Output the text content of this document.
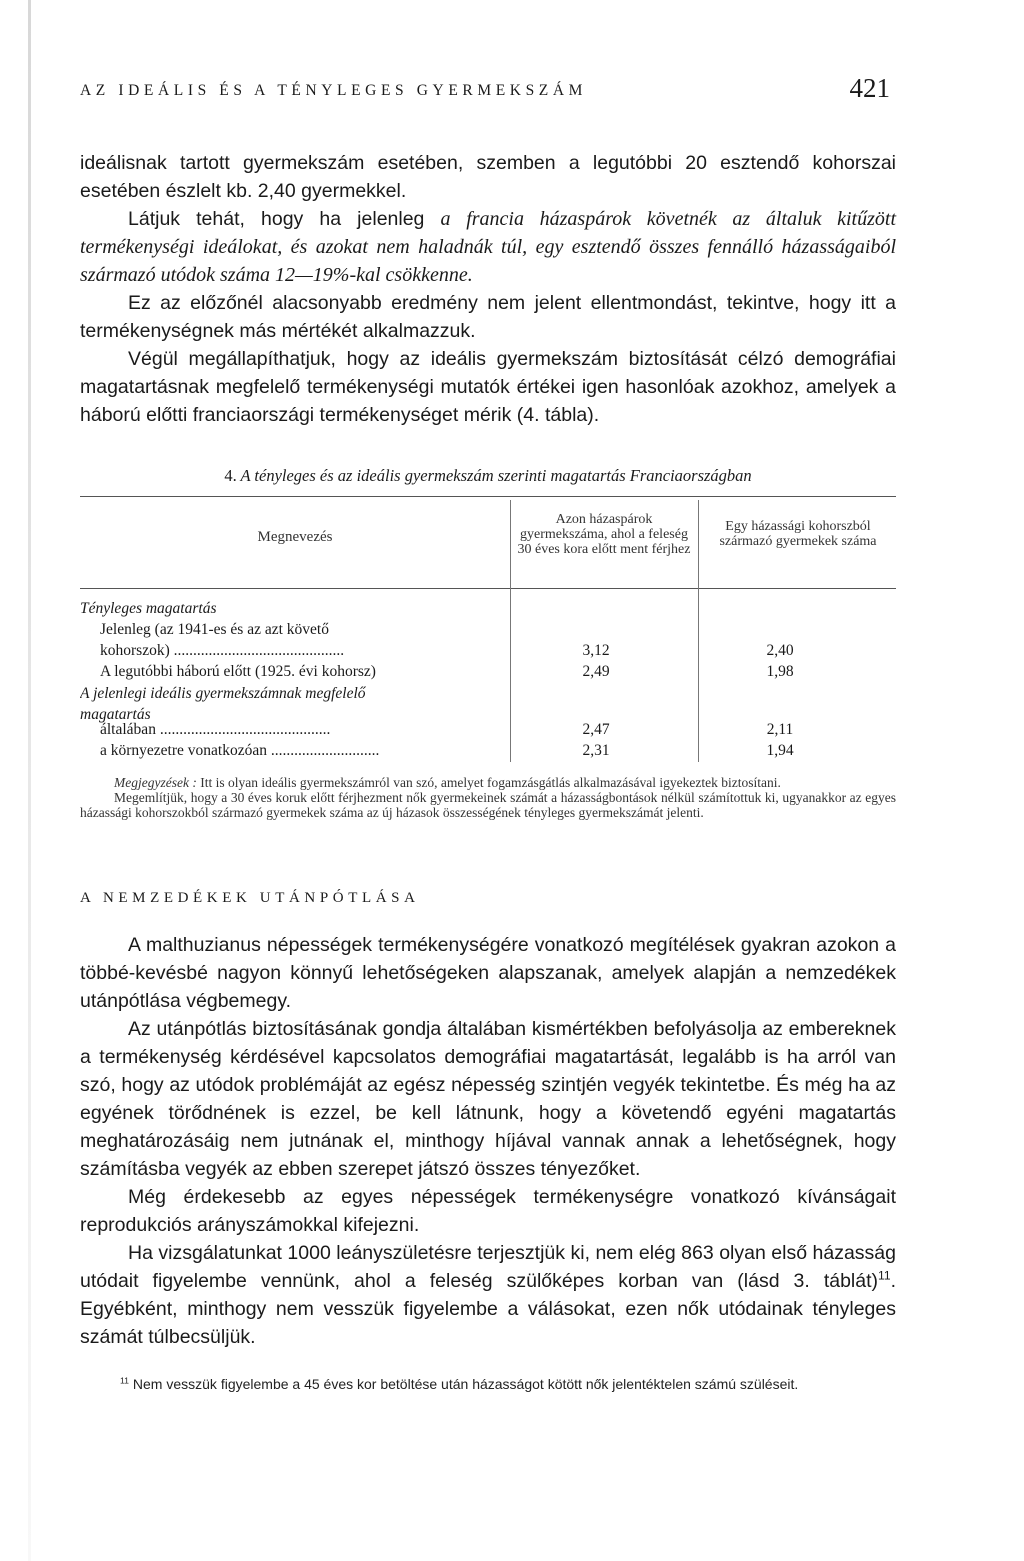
AZ IDEÁLIS ÉS A TÉNYLEGES GYERMEKSZÁM	421

ideálisnak tartott gyermekszám esetében, szemben a legutóbbi 20 esztendő kohorszai esetében észlelt kb. 2,40 gyermekkel.

Látjuk tehát, hogy ha jelenleg a francia házaspárok követnék az általuk kitűzött termékenységi ideálokat, és azokat nem haladnák túl, egy esztendő összes fennálló házasságaiból származó utódok száma 12—19%-kal csökkenne.

Ez az előzőnél alacsonyabb eredmény nem jelent ellentmondást, tekintve, hogy itt a termékenységnek más mértékét alkalmazzuk.

Végül megállapíthatjuk, hogy az ideális gyermekszám biztosítását célzó demográfiai magatartásnak megfelelő termékenységi mutatók értékei igen hasonlóak azokhoz, amelyek a háború előtti franciaországi termékenységet mérik (4. tábla).

4. A tényleges és az ideális gyermekszám szerinti magatartás Franciaországban
Megnevezés
Azon házaspárok gyermekszáma, ahol a feleség 30 éves kora előtt ment férjhez
Egy házassági kohorszból származó gyermekek száma
Tényleges magatartás
Jelenleg (az 1941-es és az azt követő
kohorszok) ............................................	3,12	2,40
A legutóbbi háború előtt (1925. évi kohorsz)	2,49	1,98
A jelenlegi ideális gyermekszámnak megfelelő
magatartás
általában ............................................	2,47	2,11
a környezetre vonatkozóan ............................	2,31	1,94

Megjegyzések : Itt is olyan ideális gyermekszámról van szó, amelyet fogamzásgátlás alkalmazásával igyekeztek biztosítani.

Megemlítjük, hogy a 30 éves koruk előtt férjhezment nők gyermekeinek számát a házasságbontások nélkül számítottuk ki, ugyanakkor az egyes házassági kohorszokból származó gyermekek száma az új házasok összességének tényleges gyermekszámát jelenti.

A NEMZEDÉKEK UTÁNPÓTLÁSA

A malthuzianus népességek termékenységére vonatkozó megítélések gyakran azokon a többé-kevésbé nagyon könnyű lehetőségeken alapszanak, amelyek alapján a nemzedékek utánpótlása végbemegy.

Az utánpótlás biztosításának gondja általában kismértékben befolyásolja az embereknek a termékenység kérdésével kapcsolatos demográfiai magatartását, legalább is ha arról van szó, hogy az utódok problémáját az egész népesség szintjén vegyék tekintetbe. És még ha az egyének törődnének is ezzel, be kell látnunk, hogy a követendő egyéni magatartás meghatározásáig nem jutnának el, minthogy híjával vannak annak a lehetőségnek, hogy számításba vegyék az ebben szerepet játszó összes tényezőket.

Még érdekesebb az egyes népességek termékenységre vonatkozó kívánságait reprodukciós arányszámokkal kifejezni.

Ha vizsgálatunkat 1000 leányszületésre terjesztjük ki, nem elég 863 olyan első házasság utódait figyelembe vennünk, ahol a feleség szülőképes korban van (lásd 3. táblát)$^{11}$. Egyébként, minthogy nem vesszük figyelembe a válásokat, ezen nők utódainak tényleges számát túlbecsüljük.

$^{11}$ Nem vesszük figyelembe a 45 éves kor betöltése után házasságot kötött nők jelentéktelen számú szüléseit.
